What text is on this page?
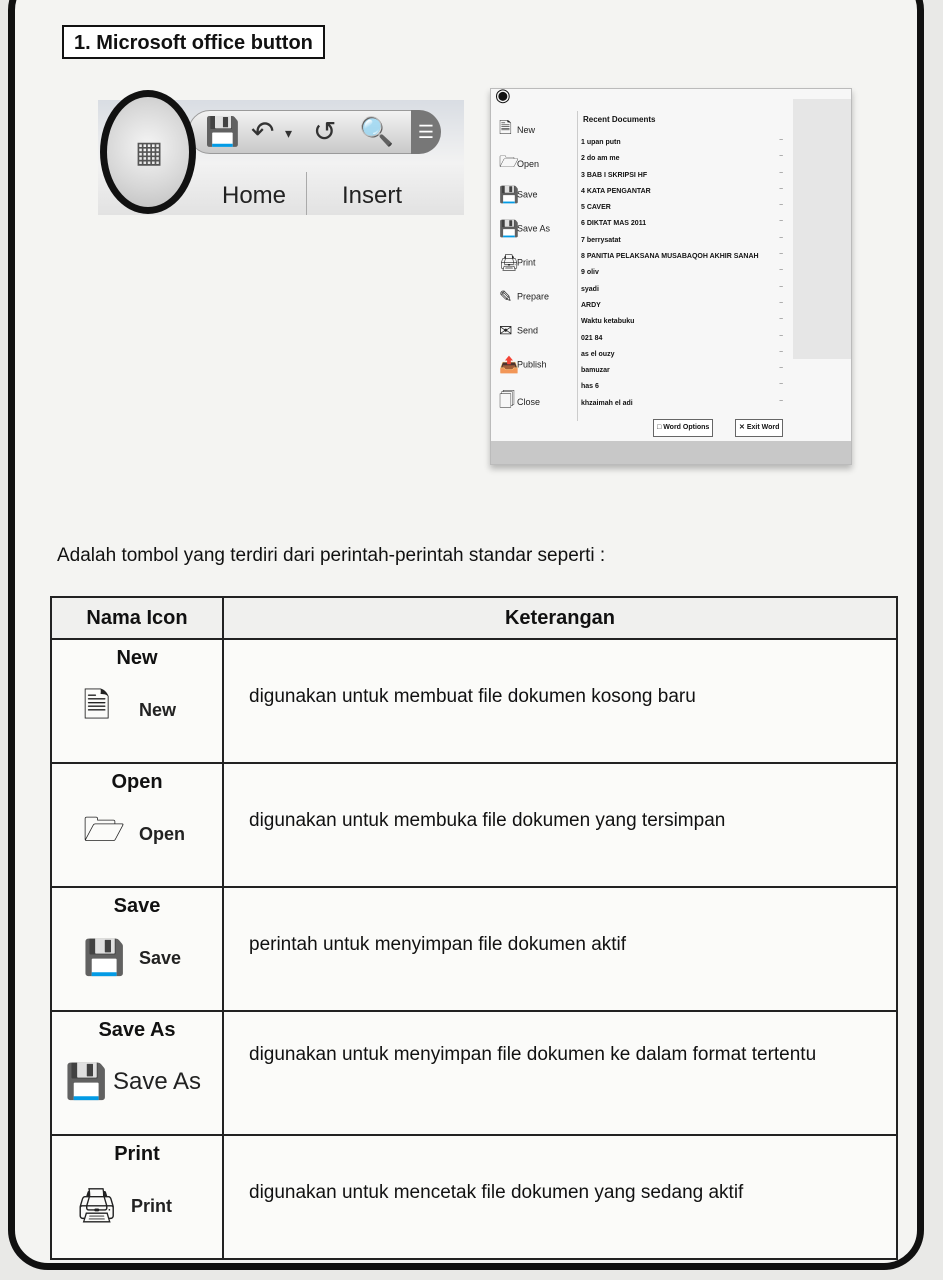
1. Microsoft office button
💾 ↶ ▾ ↺ 🔍	☰
Home Insert
▦
◉
🗎 New
🗁Open
💾Save
💾Save As
🖨Print
✎ Prepare
✉ Send
📤Publish
🗍 Close
Recent Documents
1 upan putn
2 do am me
3 BAB I SKRIPSI HF
4 KATA PENGANTAR
5 CAVER
6 DIKTAT MAS 2011
7 berrysatat
8 PANITIA PELAKSANA MUSABAQOH AKHIR SANAH
9 oliv
syadi
ARDY
Waktu ketabuku
021 84
as el ouzy
bamuzar
has 6
khzaimah el adi
−
−
−
−
−
−
−
−
−
−
−
−
−
−
−
−
−
□ Word Options	✕ Exit Word
Adalah tombol yang terdiri dari perintah-perintah standar seperti :
Nama Icon	Keterangan

New
🗎 New	digunakan untuk membuat file dokumen kosong baru

Open
🗁 Open	digunakan untuk membuka file dokumen yang tersimpan

Save
💾 Save	perintah untuk menyimpan file dokumen aktif

Save As
💾 Save As	digunakan untuk menyimpan file dokumen ke dalam format tertentu

Print
🖨 Print	digunakan untuk mencetak file dokumen yang sedang aktif
